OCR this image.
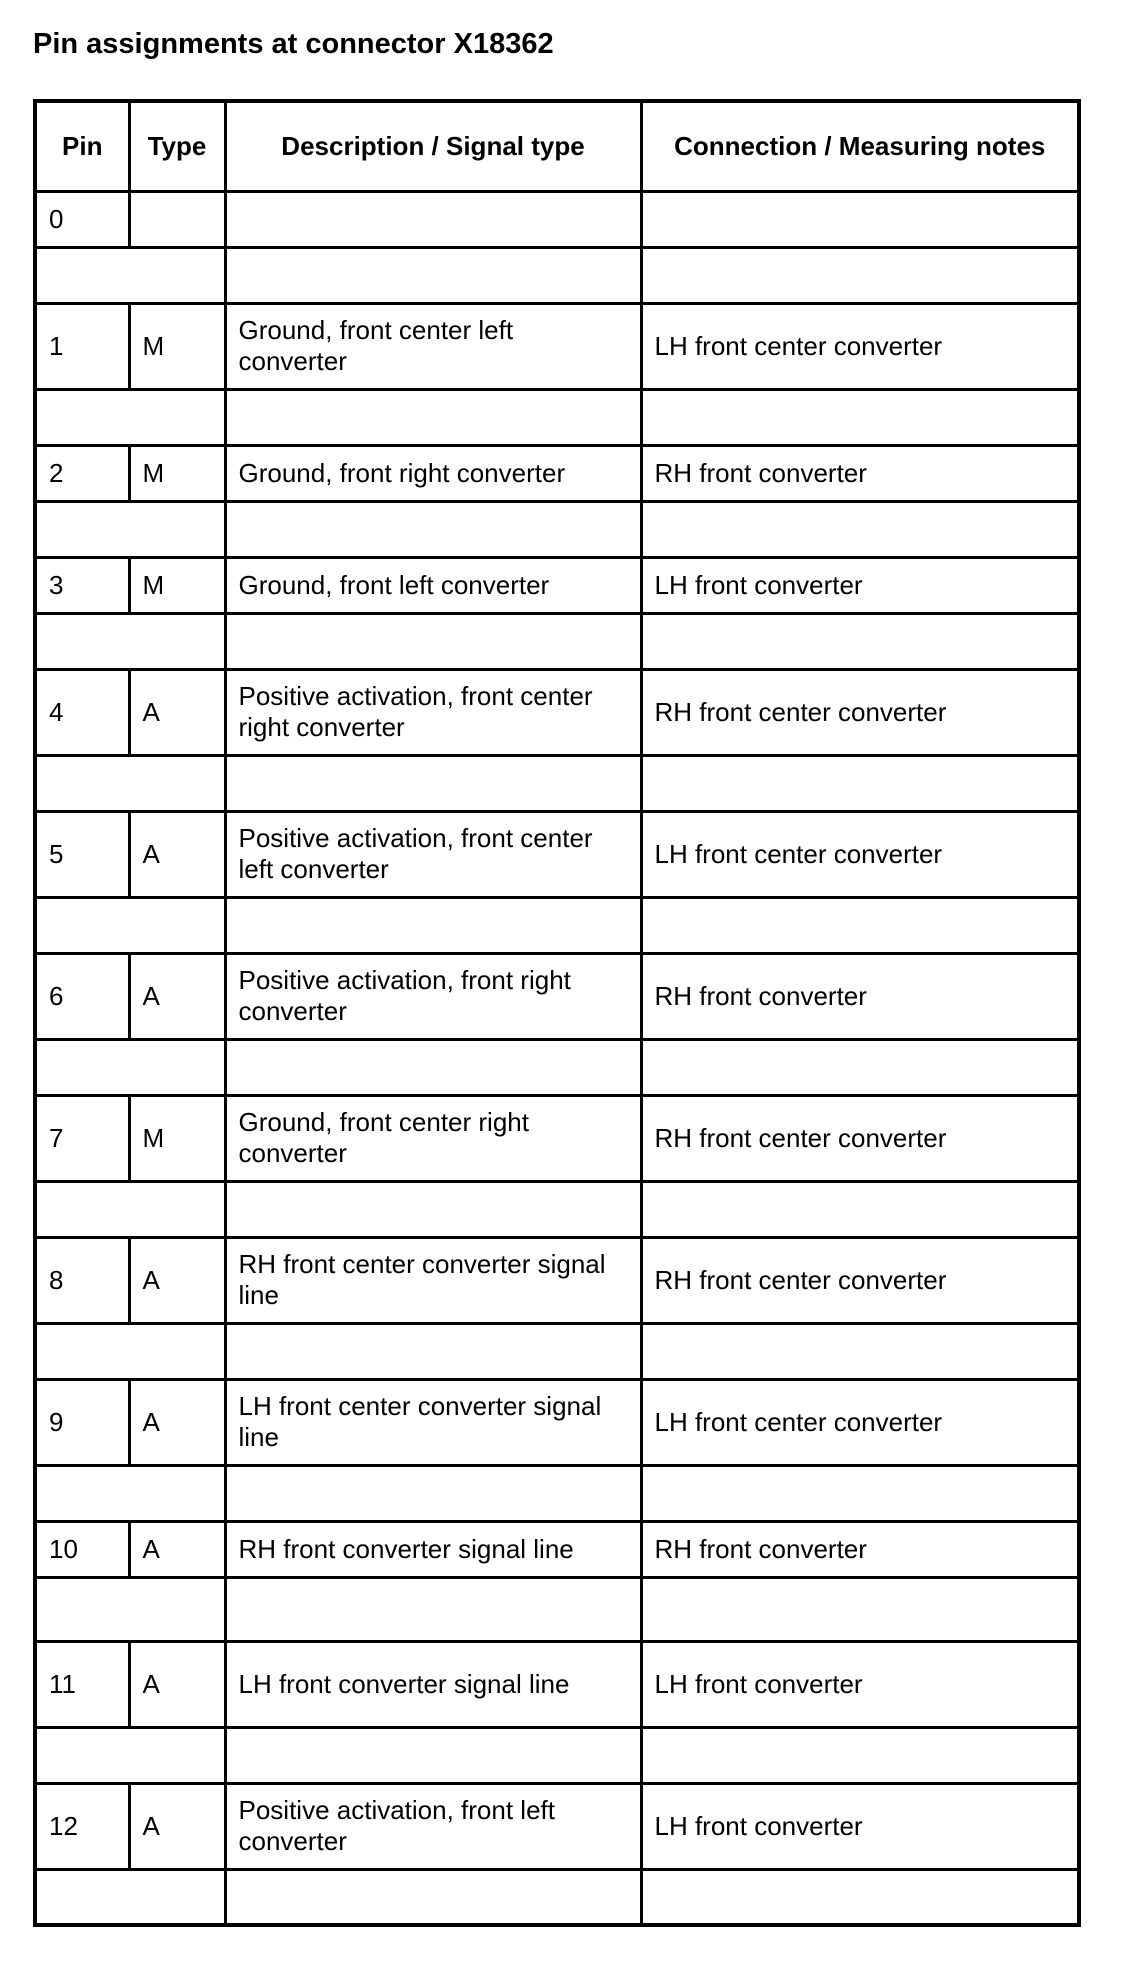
Pin assignments at connector X18362
Pin	Type	Description / Signal type	Connection / Measuring notes
0			

1	M	Ground, front center left converter	LH front center converter

2	M	Ground, front right converter	RH front converter

3	M	Ground, front left converter	LH front converter

4	A	Positive activation, front center right converter	RH front center converter

5	A	Positive activation, front center left converter	LH front center converter

6	A	Positive activation, front right converter	RH front converter

7	M	Ground, front center right converter	RH front center converter

8	A	RH front center converter signal line	RH front center converter

9	A	LH front center converter signal line	LH front center converter

10	A	RH front converter signal line	RH front converter

11	A	LH front converter signal line	LH front converter

12	A	Positive activation, front left converter	LH front converter
